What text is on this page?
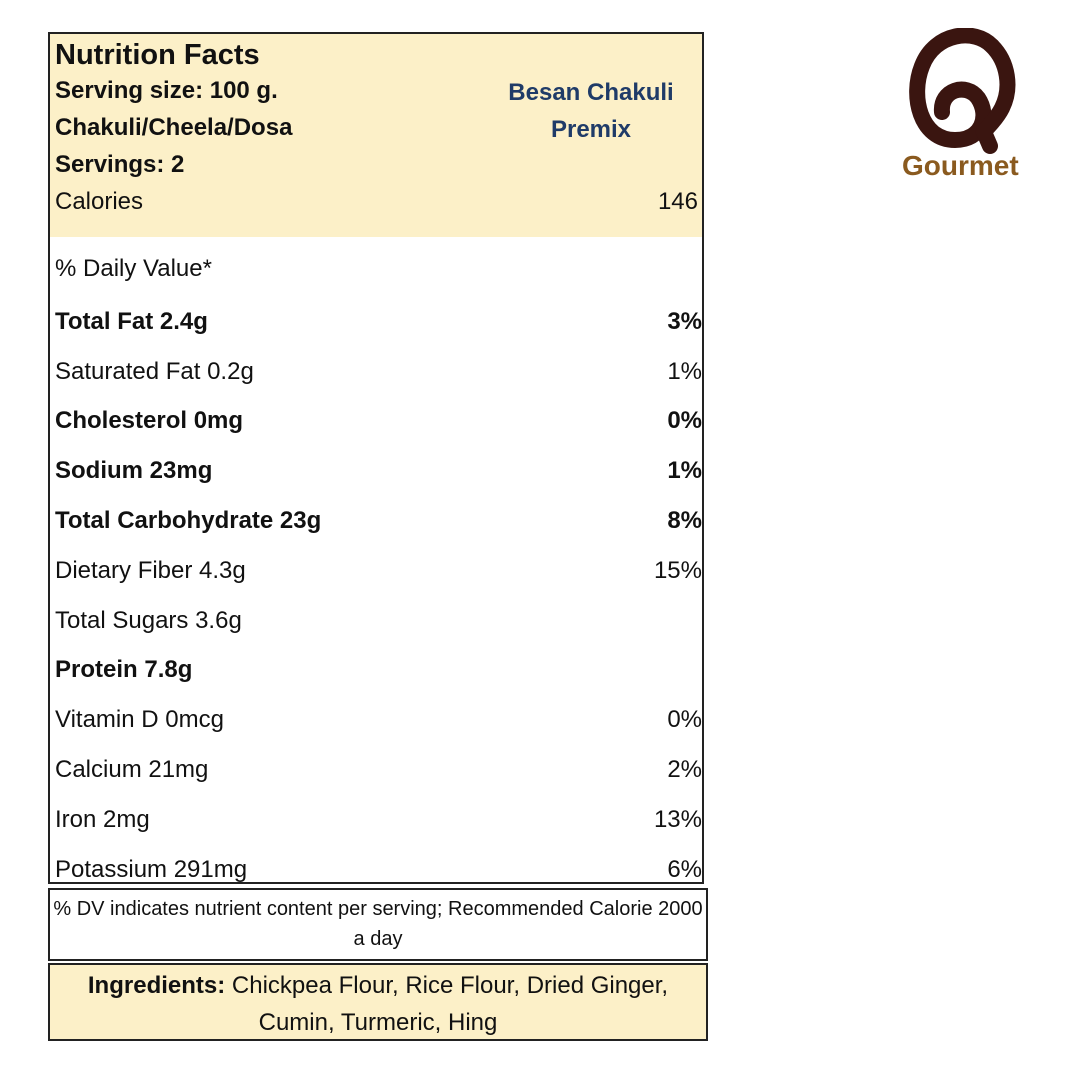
Nutrition Facts
Serving size: 100 g.
Chakuli/Cheela/Dosa
Servings: 2
Besan Chakuli
Premix
Calories	146
% Daily Value*
Total Fat 2.4g	3%
Saturated Fat 0.2g	1%
Cholesterol 0mg	0%
Sodium 23mg	1%
Total Carbohydrate 23g	8%
Dietary Fiber 4.3g	15%
Total Sugars 3.6g
Protein 7.8g
Vitamin D 0mcg	0%
Calcium 21mg	2%
Iron 2mg	13%
Potassium 291mg	6%
% DV indicates nutrient content per serving; Recommended Calorie 2000 a day
Ingredients: Chickpea Flour, Rice Flour, Dried Ginger, Cumin, Turmeric, Hing
Gourmet
